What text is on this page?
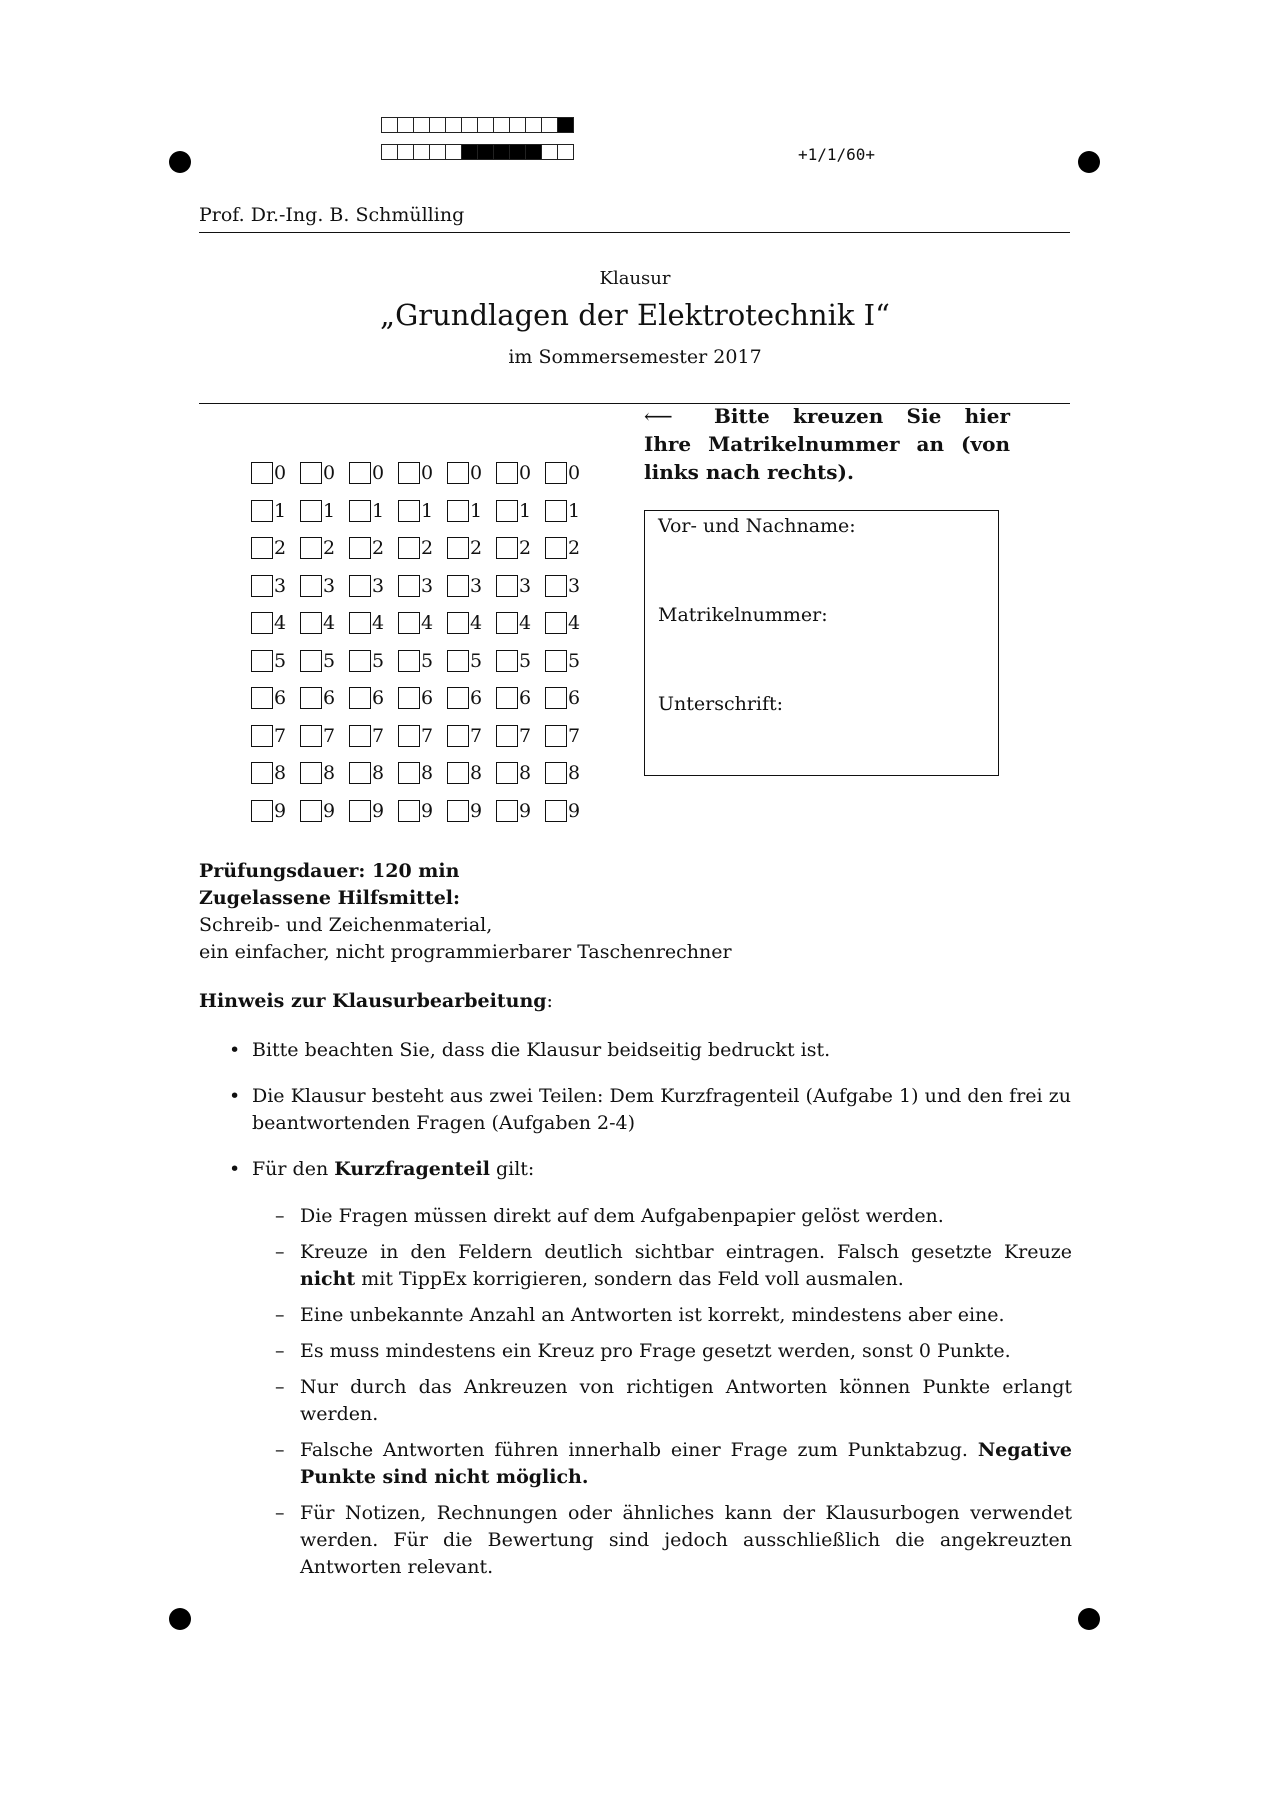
+1/1/60+
Prof. Dr.-Ing. B. Schmülling
Klausur
„Grundlagen der Elektrotechnik I“
im Sommersemester 2017
⟵ Bitte kreuzen Sie hier Ihre Matrikelnummer an (von links nach rechts).
0 0 0 0 0 0 0
1 1 1 1 1 1 1
2 2 2 2 2 2 2
3 3 3 3 3 3 3
4 4 4 4 4 4 4
5 5 5 5 5 5 5
6 6 6 6 6 6 6
7 7 7 7 7 7 7
8 8 8 8 8 8 8
9 9 9 9 9 9 9
Vor- und Nachname:
Matrikelnummer:
Unterschrift:
Prüfungsdauer: 120 min
Zugelassene Hilfsmittel:
Schreib- und Zeichenmaterial,
ein einfacher, nicht programmierbarer Taschenrechner
Hinweis zur Klausurbearbeitung:
• Bitte beachten Sie, dass die Klausur beidseitig bedruckt ist.
• Die Klausur besteht aus zwei Teilen: Dem Kurzfragenteil (Aufgabe 1) und den frei zu beantwortenden Fragen (Aufgaben 2-4)
• Für den Kurzfragenteil gilt:
– Die Fragen müssen direkt auf dem Aufgabenpapier gelöst werden.
– Kreuze in den Feldern deutlich sichtbar eintragen. Falsch gesetzte Kreuze nicht mit TippEx korrigieren, sondern das Feld voll ausmalen.
– Eine unbekannte Anzahl an Antworten ist korrekt, mindestens aber eine.
– Es muss mindestens ein Kreuz pro Frage gesetzt werden, sonst 0 Punkte.
– Nur durch das Ankreuzen von richtigen Antworten können Punkte erlangt werden.
– Falsche Antworten führen innerhalb einer Frage zum Punktabzug. Negative Punkte sind nicht möglich.
– Für Notizen, Rechnungen oder ähnliches kann der Klausurbogen verwendet werden. Für die Bewertung sind jedoch ausschließlich die angekreuzten Antworten relevant.
